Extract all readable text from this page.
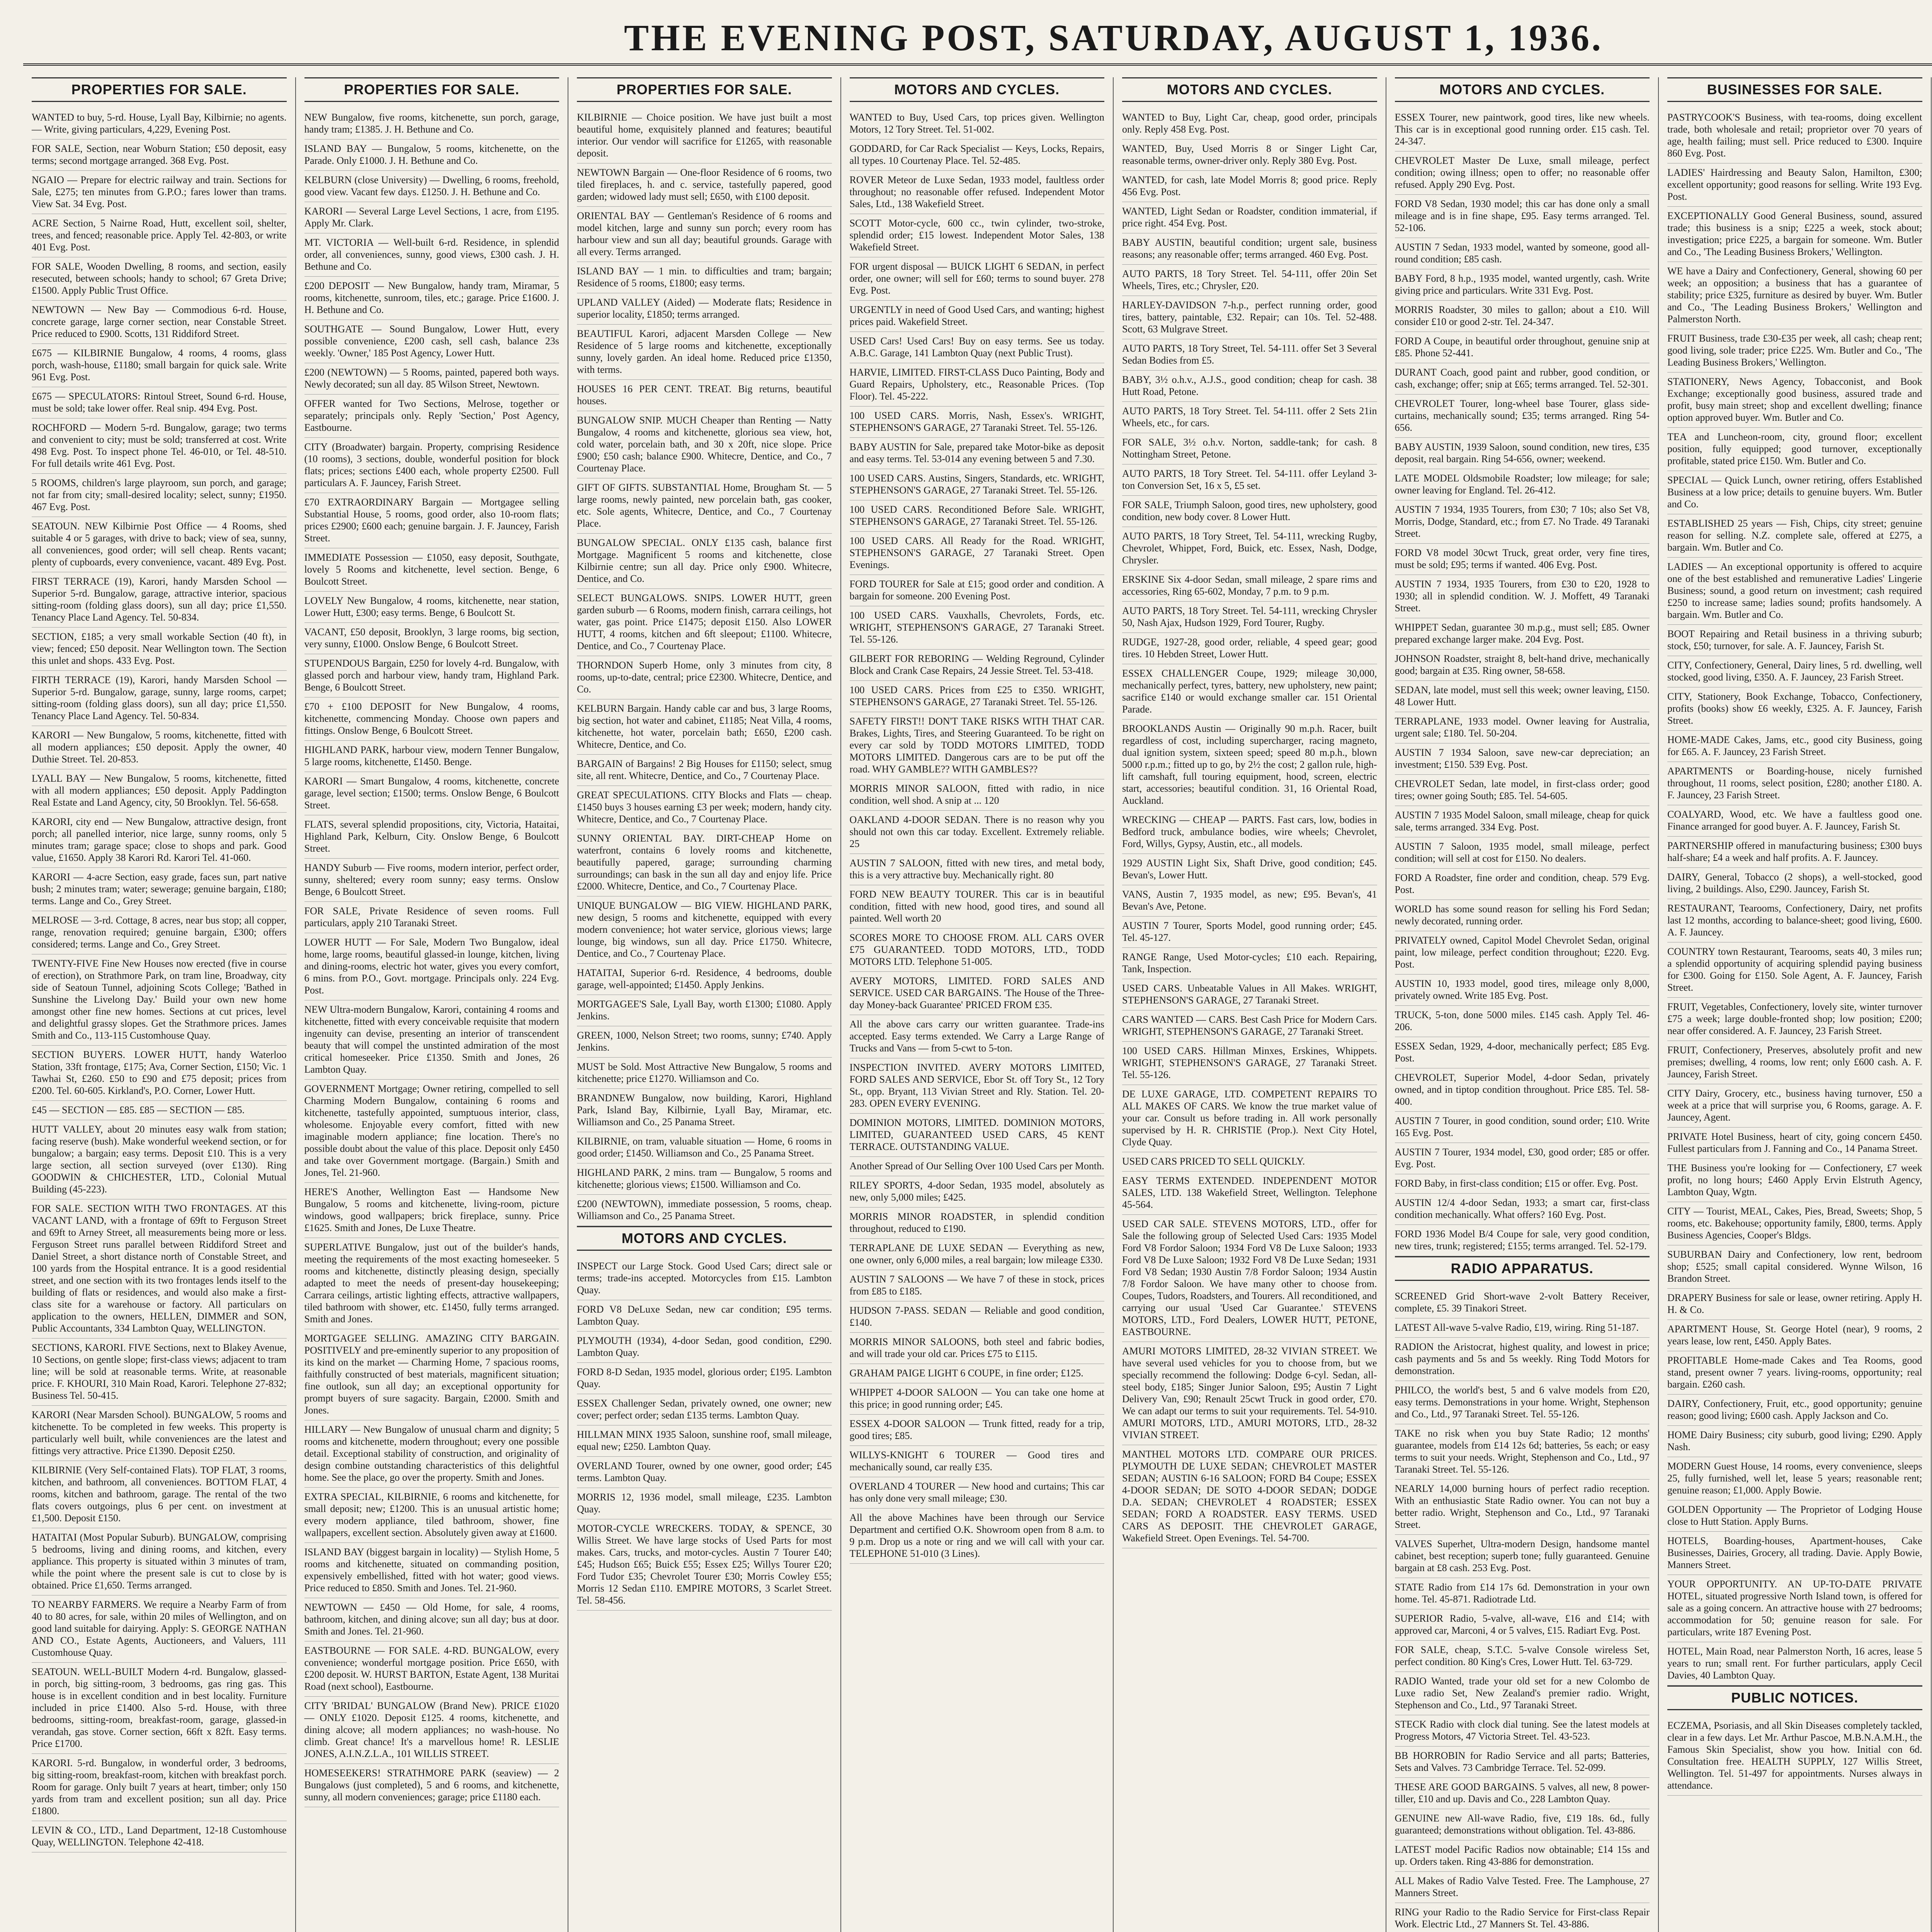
THE EVENING POST, SATURDAY, AUGUST 1, 1936.
PROPERTIES FOR SALE.
WANTED to buy, 5-rd. House, Lyall Bay, Kilbirnie; no agents. — Write, giving particulars, 4,229, Evening Post.
FOR SALE, Section, near Woburn Station; £50 deposit, easy terms; second mortgage arranged. 368 Evg. Post.
NGAIO — Prepare for electric railway and train. Sections for Sale, £275; ten minutes from G.P.O.; fares lower than trams. View Sat. 34 Evg. Post.
ACRE Section, 5 Nairne Road, Hutt, excellent soil, shelter, trees, and fenced; reasonable price. Apply Tel. 42-803, or write 401 Evg. Post.
FOR SALE, Wooden Dwelling, 8 rooms, and section, easily resecuted, between schools; handy to school; 67 Greta Drive; £1500. Apply Public Trust Office.
NEWTOWN — New Bay — Commodious 6-rd. House, concrete garage, large corner section, near Constable Street. Price reduced to £900. Scotts, 131 Riddiford Street.
£675 — KILBIRNIE Bungalow, 4 rooms, 4 rooms, glass porch, wash-house, £1180; small bargain for quick sale. Write 961 Evg. Post.
£675 — SPECULATORS: Rintoul Street, Sound 6-rd. House, must be sold; take lower offer. Real snip. 494 Evg. Post.
ROCHFORD — Modern 5-rd. Bungalow, garage; two terms and convenient to city; must be sold; transferred at cost. Write 498 Evg. Post. To inspect phone Tel. 46-010, or Tel. 48-510. For full details write 461 Evg. Post.
5 ROOMS, children's large playroom, sun porch, and garage; not far from city; small-desired locality; select, sunny; £1950. 467 Evg. Post.
SEATOUN. NEW Kilbirnie Post Office — 4 Rooms, shed suitable 4 or 5 garages, with drive to back; view of sea, sunny, all conveniences, good order; will sell cheap. Rents vacant; plenty of cupboards, every convenience, vacant. 489 Evg. Post.
FIRST TERRACE (19), Karori, handy Marsden School — Superior 5-rd. Bungalow, garage, attractive interior, spacious sitting-room (folding glass doors), sun all day; price £1,550. Tenancy Place Land Agency. Tel. 50-834.
SECTION, £185; a very small workable Section (40 ft), in view; fenced; £50 deposit. Near Wellington town. The Section this unlet and shops. 433 Evg. Post.
FIRTH TERRACE (19), Karori, handy Marsden School — Superior 5-rd. Bungalow, garage, sunny, large rooms, carpet; sitting-room (folding glass doors), sun all day; price £1,550. Tenancy Place Land Agency. Tel. 50-834.
KARORI — New Bungalow, 5 rooms, kitchenette, fitted with all modern appliances; £50 deposit. Apply the owner, 40 Duthie Street. Tel. 20-853.
LYALL BAY — New Bungalow, 5 rooms, kitchenette, fitted with all modern appliances; £50 deposit. Apply Paddington Real Estate and Land Agency, city, 50 Brooklyn. Tel. 56-658.
KARORI, city end — New Bungalow, attractive design, front porch; all panelled interior, nice large, sunny rooms, only 5 minutes tram; garage space; close to shops and park. Good value, £1650. Apply 38 Karori Rd. Karori Tel. 41-060.
KARORI — 4-acre Section, easy grade, faces sun, part native bush; 2 minutes tram; water; sewerage; genuine bargain, £180; terms. Lange and Co., Grey Street.
MELROSE — 3-rd. Cottage, 8 acres, near bus stop; all copper, range, renovation required; genuine bargain, £300; offers considered; terms. Lange and Co., Grey Street.
TWENTY-FIVE Fine New Houses now erected (five in course of erection), on Strathmore Park, on tram line, Broadway, city side of Seatoun Tunnel, adjoining Scots College; 'Bathed in Sunshine the Livelong Day.' Build your own new home amongst other fine new homes. Sections at cut prices, level and delightful grassy slopes. Get the Strathmore prices. James Smith and Co., 113-115 Customhouse Quay.
SECTION BUYERS. LOWER HUTT, handy Waterloo Station, 33ft frontage, £175; Ava, Corner Section, £150; Vic. 1 Tawhai St, £260. £50 to £90 and £75 deposit; prices from £200. Tel. 60-605. Kirkland's, P.O. Corner, Lower Hutt.
£45 — SECTION — £85. £85 — SECTION — £85.
HUTT VALLEY, about 20 minutes easy walk from station; facing reserve (bush). Make wonderful weekend section, or for bungalow; a bargain; easy terms. Deposit £10. This is a very large section, all section surveyed (over £130). Ring GOODWIN & CHICHESTER, LTD., Colonial Mutual Building (45-223).
FOR SALE. SECTION WITH TWO FRONTAGES. AT this VACANT LAND, with a frontage of 69ft to Ferguson Street and 69ft to Arney Street, all measurements being more or less. Ferguson Street runs parallel between Riddiford Street and Daniel Street, a short distance north of Constable Street, and 100 yards from the Hospital entrance. It is a good residential street, and one section with its two frontages lends itself to the building of flats or residences, and would also make a first-class site for a warehouse or factory. All particulars on application to the owners, HELLEN, DIMMER and SON, Public Accountants, 334 Lambton Quay, WELLINGTON.
SECTIONS, KARORI. FIVE Sections, next to Blakey Avenue, 10 Sections, on gentle slope; first-class views; adjacent to tram line; will be sold at reasonable terms. Write, at reasonable price. F. KHOURI, 310 Main Road, Karori. Telephone 27-832; Business Tel. 50-415.
KARORI (Near Marsden School). BUNGALOW, 5 rooms and kitchenette. To be completed in few weeks. This property is particularly well built, while conveniences are the latest and fittings very attractive. Price £1390. Deposit £250.
KILBIRNIE (Very Self-contained Flats). TOP FLAT, 3 rooms, kitchen, and bathroom, all conveniences. BOTTOM FLAT, 4 rooms, kitchen and bathroom, garage. The rental of the two flats covers outgoings, plus 6 per cent. on investment at £1,500. Deposit £150.
HATAITAI (Most Popular Suburb). BUNGALOW, comprising 5 bedrooms, living and dining rooms, and kitchen, every appliance. This property is situated within 3 minutes of tram, while the point where the present sale is cut to close by is obtained. Price £1,650. Terms arranged.
TO NEARBY FARMERS. We require a Nearby Farm of from 40 to 80 acres, for sale, within 20 miles of Wellington, and on good land suitable for dairying. Apply: S. GEORGE NATHAN AND CO., Estate Agents, Auctioneers, and Valuers, 111 Customhouse Quay.
SEATOUN. WELL-BUILT Modern 4-rd. Bungalow, glassed-in porch, big sitting-room, 3 bedrooms, gas ring gas. This house is in excellent condition and in best locality. Furniture included in price £1400. Also 5-rd. House, with three bedrooms, sitting-room, breakfast-room, garage, glassed-in verandah, gas stove. Corner section, 66ft x 82ft. Easy terms. Price £1700.
KARORI. 5-rd. Bungalow, in wonderful order, 3 bedrooms, big sitting-room, breakfast-room, kitchen with breakfast porch. Room for garage. Only built 7 years at heart, timber; only 150 yards from tram and excellent position; sun all day. Price £1800.
LEVIN & CO., LTD., Land Department, 12-18 Customhouse Quay, WELLINGTON. Telephone 42-418.
PROPERTIES FOR SALE.
NEW Bungalow, five rooms, kitchenette, sun porch, garage, handy tram; £1385. J. H. Bethune and Co.
ISLAND BAY — Bungalow, 5 rooms, kitchenette, on the Parade. Only £1000. J. H. Bethune and Co.
KELBURN (close University) — Dwelling, 6 rooms, freehold, good view. Vacant few days. £1250. J. H. Bethune and Co.
KARORI — Several Large Level Sections, 1 acre, from £195. Apply Mr. Clark.
MT. VICTORIA — Well-built 6-rd. Residence, in splendid order, all conveniences, sunny, good views, £300 cash. J. H. Bethune and Co.
£200 DEPOSIT — New Bungalow, handy tram, Miramar, 5 rooms, kitchenette, sunroom, tiles, etc.; garage. Price £1600. J. H. Bethune and Co.
SOUTHGATE — Sound Bungalow, Lower Hutt, every possible convenience, £200 cash, sell cash, balance 23s weekly. 'Owner,' 185 Post Agency, Lower Hutt.
£200 (NEWTOWN) — 5 Rooms, painted, papered both ways. Newly decorated; sun all day. 85 Wilson Street, Newtown.
OFFER wanted for Two Sections, Melrose, together or separately; principals only. Reply 'Section,' Post Agency, Eastbourne.
CITY (Broadwater) bargain. Property, comprising Residence (10 rooms), 3 sections, double, wonderful position for block flats; prices; sections £400 each, whole property £2500. Full particulars A. F. Jauncey, Farish Street.
£70 EXTRAORDINARY Bargain — Mortgagee selling Substantial House, 5 rooms, good order, also 10-room flats; prices £2900; £600 each; genuine bargain. J. F. Jauncey, Farish Street.
IMMEDIATE Possession — £1050, easy deposit, Southgate, lovely 5 Rooms and kitchenette, level section. Benge, 6 Boulcott Street.
LOVELY New Bungalow, 4 rooms, kitchenette, near station, Lower Hutt, £300; easy terms. Benge, 6 Boulcott St.
VACANT, £50 deposit, Brooklyn, 3 large rooms, big section, very sunny, £1000. Onslow Benge, 6 Boulcott Street.
STUPENDOUS Bargain, £250 for lovely 4-rd. Bungalow, with glassed porch and harbour view, handy tram, Highland Park. Benge, 6 Boulcott Street.
£70 + £100 DEPOSIT for New Bungalow, 4 rooms, kitchenette, commencing Monday. Choose own papers and fittings. Onslow Benge, 6 Boulcott Street.
HIGHLAND PARK, harbour view, modern Tenner Bungalow, 5 large rooms, kitchenette, £1450. Benge.
KARORI — Smart Bungalow, 4 rooms, kitchenette, concrete garage, level section; £1500; terms. Onslow Benge, 6 Boulcott Street.
FLATS, several splendid propositions, city, Victoria, Hataitai, Highland Park, Kelburn, City. Onslow Benge, 6 Boulcott Street.
HANDY Suburb — Five rooms, modern interior, perfect order, sunny, sheltered; every room sunny; easy terms. Onslow Benge, 6 Boulcott Street.
FOR SALE, Private Residence of seven rooms. Full particulars, apply 210 Taranaki Street.
LOWER HUTT — For Sale, Modern Two Bungalow, ideal home, large rooms, beautiful glassed-in lounge, kitchen, living and dining-rooms, electric hot water, gives you every comfort, 6 mins. from P.O., Govt. mortgage. Principals only. 224 Evg. Post.
NEW Ultra-modern Bungalow, Karori, containing 4 rooms and kitchenette, fitted with every conceivable requisite that modern ingenuity can devise, presenting an interior of transcendent beauty that will compel the unstinted admiration of the most critical homeseeker. Price £1350. Smith and Jones, 26 Lambton Quay.
GOVERNMENT Mortgage; Owner retiring, compelled to sell Charming Modern Bungalow, containing 6 rooms and kitchenette, tastefully appointed, sumptuous interior, class, wholesome. Enjoyable every comfort, fitted with new imaginable modern appliance; fine location. There's no possible doubt about the value of this place. Deposit only £450 and take over Government mortgage. (Bargain.) Smith and Jones, Tel. 21-960.
HERE'S Another, Wellington East — Handsome New Bungalow, 5 rooms and kitchenette, living-room, picture windows, good wallpapers; brick fireplace, sunny. Price £1625. Smith and Jones, De Luxe Theatre.
SUPERLATIVE Bungalow, just out of the builder's hands, meeting the requirements of the most exacting homeseeker. 5 rooms and kitchenette, distinctly pleasing design, specially adapted to meet the needs of present-day housekeeping; Carrara ceilings, artistic lighting effects, attractive wallpapers, tiled bathroom with shower, etc. £1450, fully terms arranged. Smith and Jones.
MORTGAGEE SELLING. AMAZING CITY BARGAIN. POSITIVELY and pre-eminently superior to any proposition of its kind on the market — Charming Home, 7 spacious rooms, faithfully constructed of best materials, magnificent situation; fine outlook, sun all day; an exceptional opportunity for prompt buyers of sure sagacity. Bargain, £2000. Smith and Jones.
HILLARY — New Bungalow of unusual charm and dignity; 5 rooms and kitchenette, modern throughout; every one possible detail. Exceptional stability of construction, and originality of design combine outstanding characteristics of this delightful home. See the place, go over the property. Smith and Jones.
EXTRA SPECIAL, KILBIRNIE, 6 rooms and kitchenette, for small deposit; new; £1200. This is an unusual artistic home; every modern appliance, tiled bathroom, shower, fine wallpapers, excellent section. Absolutely given away at £1600.
ISLAND BAY (biggest bargain in locality) — Stylish Home, 5 rooms and kitchenette, situated on commanding position, expensively embellished, fitted with hot water; good views. Price reduced to £850. Smith and Jones. Tel. 21-960.
NEWTOWN — £450 — Old Home, for sale, 4 rooms, bathroom, kitchen, and dining alcove; sun all day; bus at door. Smith and Jones. Tel. 21-960.
EASTBOURNE — FOR SALE. 4-RD. BUNGALOW, every convenience; wonderful mortgage position. Price £650, with £200 deposit. W. HURST BARTON, Estate Agent, 138 Muritai Road (next school), Eastbourne.
CITY 'BRIDAL' BUNGALOW (Brand New). PRICE £1020 — ONLY £1020. Deposit £125. 4 rooms, kitchenette, and dining alcove; all modern appliances; no wash-house. No climb. Great chance! It's a marvellous home! R. LESLIE JONES, A.I.N.Z.L.A., 101 WILLIS STREET.
HOMESEEKERS! STRATHMORE PARK (seaview) — 2 Bungalows (just completed), 5 and 6 rooms, and kitchenette, sunny, all modern conveniences; garage; price £1180 each.
PROPERTIES FOR SALE.
KILBIRNIE — Choice position. We have just built a most beautiful home, exquisitely planned and features; beautiful interior. Our vendor will sacrifice for £1265, with reasonable deposit.
NEWTOWN Bargain — One-floor Residence of 6 rooms, two tiled fireplaces, h. and c. service, tastefully papered, good garden; widowed lady must sell; £650, with £100 deposit.
ORIENTAL BAY — Gentleman's Residence of 6 rooms and model kitchen, large and sunny sun porch; every room has harbour view and sun all day; beautiful grounds. Garage with all every. Terms arranged.
ISLAND BAY — 1 min. to difficulties and tram; bargain; Residence of 5 rooms, £1800; easy terms.
UPLAND VALLEY (Aided) — Moderate flats; Residence in superior locality, £1850; terms arranged.
BEAUTIFUL Karori, adjacent Marsden College — New Residence of 5 large rooms and kitchenette, exceptionally sunny, lovely garden. An ideal home. Reduced price £1350, with terms.
HOUSES 16 PER CENT. TREAT. Big returns, beautiful houses.
BUNGALOW SNIP. MUCH Cheaper than Renting — Natty Bungalow, 4 rooms and kitchenette, glorious sea view, hot, cold water, porcelain bath, and 30 x 20ft, nice slope. Price £900; £50 cash; balance £900. Whitecre, Dentice, and Co., 7 Courtenay Place.
GIFT OF GIFTS. SUBSTANTIAL Home, Brougham St. — 5 large rooms, newly painted, new porcelain bath, gas cooker, etc. Sole agents, Whitecre, Dentice, and Co., 7 Courtenay Place.
BUNGALOW SPECIAL. ONLY £135 cash, balance first Mortgage. Magnificent 5 rooms and kitchenette, close Kilbirnie centre; sun all day. Price only £900. Whitecre, Dentice, and Co.
SELECT BUNGALOWS. SNIPS. LOWER HUTT, green garden suburb — 6 Rooms, modern finish, carrara ceilings, hot water, gas point. Price £1475; deposit £150. Also LOWER HUTT, 4 rooms, kitchen and 6ft sleepout; £1100. Whitecre, Dentice, and Co., 7 Courtenay Place.
THORNDON Superb Home, only 3 minutes from city, 8 rooms, up-to-date, central; price £2300. Whitecre, Dentice, and Co.
KELBURN Bargain. Handy cable car and bus, 3 large Rooms, big section, hot water and cabinet, £1185; Neat Villa, 4 rooms, kitchenette, hot water, porcelain bath; £650, £200 cash. Whitecre, Dentice, and Co.
BARGAIN of Bargains! 2 Big Houses for £1150; select, smug site, all rent. Whitecre, Dentice, and Co., 7 Courtenay Place.
GREAT SPECULATIONS. CITY Blocks and Flats — cheap. £1450 buys 3 houses earning £3 per week; modern, handy city. Whitecre, Dentice, and Co., 7 Courtenay Place.
SUNNY ORIENTAL BAY. DIRT-CHEAP Home on waterfront, contains 6 lovely rooms and kitchenette, beautifully papered, garage; surrounding charming surroundings; can bask in the sun all day and enjoy life. Price £2000. Whitecre, Dentice, and Co., 7 Courtenay Place.
UNIQUE BUNGALOW — BIG VIEW. HIGHLAND PARK, new design, 5 rooms and kitchenette, equipped with every modern convenience; hot water service, glorious views; large lounge, big windows, sun all day. Price £1750. Whitecre, Dentice, and Co., 7 Courtenay Place.
HATAITAI, Superior 6-rd. Residence, 4 bedrooms, double garage, well-appointed; £1450. Apply Jenkins.
MORTGAGEE'S Sale, Lyall Bay, worth £1300; £1080. Apply Jenkins.
GREEN, 1000, Nelson Street; two rooms, sunny; £740. Apply Jenkins.
MUST be Sold. Most Attractive New Bungalow, 5 rooms and kitchenette; price £1270. Williamson and Co.
BRANDNEW Bungalow, now building, Karori, Highland Park, Island Bay, Kilbirnie, Lyall Bay, Miramar, etc. Williamson and Co., 25 Panama Street.
KILBIRNIE, on tram, valuable situation — Home, 6 rooms in good order; £1450. Williamson and Co., 25 Panama Street.
HIGHLAND PARK, 2 mins. tram — Bungalow, 5 rooms and kitchenette; glorious views; £1500. Williamson and Co.
£200 (NEWTOWN), immediate possession, 5 rooms, cheap. Williamson and Co., 25 Panama Street.
MOTORS AND CYCLES.
INSPECT our Large Stock. Good Used Cars; direct sale or terms; trade-ins accepted. Motorcycles from £15. Lambton Quay.
FORD V8 DeLuxe Sedan, new car condition; £95 terms. Lambton Quay.
PLYMOUTH (1934), 4-door Sedan, good condition, £290. Lambton Quay.
FORD 8-D Sedan, 1935 model, glorious order; £195. Lambton Quay.
ESSEX Challenger Sedan, privately owned, one owner; new cover; perfect order; sedan £135 terms. Lambton Quay.
HILLMAN MINX 1935 Saloon, sunshine roof, small mileage, equal new; £250. Lambton Quay.
OVERLAND Tourer, owned by one owner, good order; £45 terms. Lambton Quay.
MORRIS 12, 1936 model, small mileage, £235. Lambton Quay.
MOTOR-CYCLE WRECKERS. TODAY, & SPENCE, 30 Willis Street. We have large stocks of Used Parts for most makes. Cars, trucks, and motor-cycles. Austin 7 Tourer £40; £45; Hudson £65; Buick £55; Essex £25; Willys Tourer £20; Ford Tudor £35; Chevrolet Tourer £30; Morris Cowley £55; Morris 12 Sedan £110. EMPIRE MOTORS, 3 Scarlet Street. Tel. 58-456.
MOTORS AND CYCLES.
WANTED to Buy, Used Cars, top prices given. Wellington Motors, 12 Tory Street. Tel. 51-002.
GODDARD, for Car Rack Specialist — Keys, Locks, Repairs, all types. 10 Courtenay Place. Tel. 52-485.
ROVER Meteor de Luxe Sedan, 1933 model, faultless order throughout; no reasonable offer refused. Independent Motor Sales, Ltd., 138 Wakefield Street.
SCOTT Motor-cycle, 600 cc., twin cylinder, two-stroke, splendid order; £15 lowest. Independent Motor Sales, 138 Wakefield Street.
FOR urgent disposal — BUICK LIGHT 6 SEDAN, in perfect order, one owner; will sell for £60; terms to sound buyer. 278 Evg. Post.
URGENTLY in need of Good Used Cars, and wanting; highest prices paid. Wakefield Street.
USED Cars! Used Cars! Buy on easy terms. See us today. A.B.C. Garage, 141 Lambton Quay (next Public Trust).
HARVIE, LIMITED. FIRST-CLASS Duco Painting, Body and Guard Repairs, Upholstery, etc., Reasonable Prices. (Top Floor). Tel. 45-222.
100 USED CARS. Morris, Nash, Essex's. WRIGHT, STEPHENSON'S GARAGE, 27 Taranaki Street. Tel. 55-126.
BABY AUSTIN for Sale, prepared take Motor-bike as deposit and easy terms. Tel. 53-014 any evening between 5 and 7.30.
100 USED CARS. Austins, Singers, Standards, etc. WRIGHT, STEPHENSON'S GARAGE, 27 Taranaki Street. Tel. 55-126.
100 USED CARS. Reconditioned Before Sale. WRIGHT, STEPHENSON'S GARAGE, 27 Taranaki Street. Tel. 55-126.
100 USED CARS. All Ready for the Road. WRIGHT, STEPHENSON'S GARAGE, 27 Taranaki Street. Open Evenings.
FORD TOURER for Sale at £15; good order and condition. A bargain for someone. 200 Evening Post.
100 USED CARS. Vauxhalls, Chevrolets, Fords, etc. WRIGHT, STEPHENSON'S GARAGE, 27 Taranaki Street. Tel. 55-126.
GILBERT FOR REBORING — Welding Reground, Cylinder Block and Crank Case Repairs, 24 Jessie Street. Tel. 53-418.
100 USED CARS. Prices from £25 to £350. WRIGHT, STEPHENSON'S GARAGE, 27 Taranaki Street. Tel. 55-126.
SAFETY FIRST!! DON'T TAKE RISKS WITH THAT CAR. Brakes, Lights, Tires, and Steering Guaranteed. To be right on every car sold by TODD MOTORS LIMITED, TODD MOTORS LIMITED. Dangerous cars are to be put off the road. WHY GAMBLE?? WITH GAMBLES??
MORRIS MINOR SALOON, fitted with radio, in nice condition, well shod. A snip at ... 120
OAKLAND 4-DOOR SEDAN. There is no reason why you should not own this car today. Excellent. Extremely reliable. 25
AUSTIN 7 SALOON, fitted with new tires, and metal body, this is a very attractive buy. Mechanically right. 80
FORD NEW BEAUTY TOURER. This car is in beautiful condition, fitted with new hood, good tires, and sound all painted. Well worth 20
SCORES MORE TO CHOOSE FROM. ALL CARS OVER £75 GUARANTEED. TODD MOTORS, LTD., TODD MOTORS LTD. Telephone 51-005.
AVERY MOTORS, LIMITED. FORD SALES AND SERVICE. USED CAR BARGAINS. 'The House of the Three-day Money-back Guarantee' PRICED FROM £35.
All the above cars carry our written guarantee. Trade-ins accepted. Easy terms extended. We Carry a Large Range of Trucks and Vans — from 5-cwt to 5-ton.
INSPECTION INVITED. AVERY MOTORS LIMITED, FORD SALES AND SERVICE, Ebor St. off Tory St., 12 Tory St., opp. Bryant, 113 Vivian Street and Rly. Station. Tel. 20-283. OPEN EVERY EVENING.
DOMINION MOTORS, LIMITED. DOMINION MOTORS, LIMITED, GUARANTEED USED CARS, 45 KENT TERRACE. OUTSTANDING VALUE.
Another Spread of Our Selling Over 100 Used Cars per Month.
RILEY SPORTS, 4-door Sedan, 1935 model, absolutely as new, only 5,000 miles; £425.
MORRIS MINOR ROADSTER, in splendid condition throughout, reduced to £190.
TERRAPLANE DE LUXE SEDAN — Everything as new, one owner, only 6,000 miles, a real bargain; low mileage £330.
AUSTIN 7 SALOONS — We have 7 of these in stock, prices from £85 to £185.
HUDSON 7-PASS. SEDAN — Reliable and good condition, £140.
MORRIS MINOR SALOONS, both steel and fabric bodies, and will trade your old car. Prices £75 to £115.
GRAHAM PAIGE LIGHT 6 COUPE, in fine order; £125.
WHIPPET 4-DOOR SALOON — You can take one home at this price; in good running order; £45.
ESSEX 4-DOOR SALOON — Trunk fitted, ready for a trip, good tires; £85.
WILLYS-KNIGHT 6 TOURER — Good tires and mechanically sound, car really £35.
OVERLAND 4 TOURER — New hood and curtains; This car has only done very small mileage; £30.
All the above Machines have been through our Service Department and certified O.K. Showroom open from 8 a.m. to 9 p.m. Drop us a note or ring and we will call with your car. TELEPHONE 51-010 (3 Lines).
MOTORS AND CYCLES.
WANTED to Buy, Light Car, cheap, good order, principals only. Reply 458 Evg. Post.
WANTED, Buy, Used Morris 8 or Singer Light Car, reasonable terms, owner-driver only. Reply 380 Evg. Post.
WANTED, for cash, late Model Morris 8; good price. Reply 456 Evg. Post.
WANTED, Light Sedan or Roadster, condition immaterial, if price right. 454 Evg. Post.
BABY AUSTIN, beautiful condition; urgent sale, business reasons; any reasonable offer; terms arranged. 460 Evg. Post.
AUTO PARTS, 18 Tory Street. Tel. 54-111, offer 20in Set Wheels, Tires, etc.; Chrysler, £20.
HARLEY-DAVIDSON 7-h.p., perfect running order, good tires, battery, paintable, £32. Repair; can 10s. Tel. 52-488. Scott, 63 Mulgrave Street.
AUTO PARTS, 18 Tory Street, Tel. 54-111. offer Set 3 Several Sedan Bodies from £5.
BABY, 3½ o.h.v., A.J.S., good condition; cheap for cash. 38 Hutt Road, Petone.
AUTO PARTS, 18 Tory Street. Tel. 54-111. offer 2 Sets 21in Wheels, etc., for cars.
FOR SALE, 3½ o.h.v. Norton, saddle-tank; for cash. 8 Nottingham Street, Petone.
AUTO PARTS, 18 Tory Street. Tel. 54-111. offer Leyland 3-ton Conversion Set, 16 x 5, £5 set.
FOR SALE, Triumph Saloon, good tires, new upholstery, good condition, new body cover. 8 Lower Hutt.
AUTO PARTS, 18 Tory Street, Tel. 54-111, wrecking Rugby, Chevrolet, Whippet, Ford, Buick, etc. Essex, Nash, Dodge, Chrysler.
ERSKINE Six 4-door Sedan, small mileage, 2 spare rims and accessories, Ring 65-602, Monday, 7 p.m. to 9 p.m.
AUTO PARTS, 18 Tory Street. Tel. 54-111, wrecking Chrysler 50, Nash Ajax, Hudson 1929, Ford Tourer, Rugby.
RUDGE, 1927-28, good order, reliable, 4 speed gear; good tires. 10 Hebden Street, Lower Hutt.
ESSEX CHALLENGER Coupe, 1929; mileage 30,000, mechanically perfect, tyres, battery, new upholstery, new paint; sacrifice £140 or would exchange smaller car. 151 Oriental Parade.
BROOKLANDS Austin — Originally 90 m.p.h. Racer, built regardless of cost, including supercharger, racing magneto, dual ignition system, sixteen speed; speed 80 m.p.h., blown 5000 r.p.m.; fitted up to go, by 2½ the cost; 2 gallon rule, high-lift camshaft, full touring equipment, hood, screen, electric start, accessories; beautiful condition. 31, 16 Oriental Road, Auckland.
WRECKING — CHEAP — PARTS. Fast cars, low, bodies in Bedford truck, ambulance bodies, wire wheels; Chevrolet, Ford, Willys, Gypsy, Austin, etc., all models.
1929 AUSTIN Light Six, Shaft Drive, good condition; £45. Bevan's, Lower Hutt.
VANS, Austin 7, 1935 model, as new; £95. Bevan's, 41 Bevan's Ave, Petone.
AUSTIN 7 Tourer, Sports Model, good running order; £45. Tel. 45-127.
RANGE Range, Used Motor-cycles; £10 each. Repairing, Tank, Inspection.
USED CARS. Unbeatable Values in All Makes. WRIGHT, STEPHENSON'S GARAGE, 27 Taranaki Street.
CARS WANTED — CARS. Best Cash Price for Modern Cars. WRIGHT, STEPHENSON'S GARAGE, 27 Taranaki Street.
100 USED CARS. Hillman Minxes, Erskines, Whippets. WRIGHT, STEPHENSON'S GARAGE, 27 Taranaki Street. Tel. 55-126.
DE LUXE GARAGE, LTD. COMPETENT REPAIRS TO ALL MAKES OF CARS. We know the true market value of your car. Consult us before trading in. All work personally supervised by H. R. CHRISTIE (Prop.). Next City Hotel, Clyde Quay.
USED CARS PRICED TO SELL QUICKLY.
EASY TERMS EXTENDED. INDEPENDENT MOTOR SALES, LTD. 138 Wakefield Street, Wellington. Telephone 45-564.
USED CAR SALE. STEVENS MOTORS, LTD., offer for Sale the following group of Selected Used Cars: 1935 Model Ford V8 Fordor Saloon; 1934 Ford V8 De Luxe Saloon; 1933 Ford V8 De Luxe Saloon; 1932 Ford V8 De Luxe Sedan; 1931 Ford V8 Sedan; 1930 Austin 7/8 Fordor Saloon; 1934 Austin 7/8 Fordor Saloon. We have many other to choose from. Coupes, Tudors, Roadsters, and Tourers. All reconditioned, and carrying our usual 'Used Car Guarantee.' STEVENS MOTORS, LTD., Ford Dealers, LOWER HUTT, PETONE, EASTBOURNE.
AMURI MOTORS LIMITED, 28-32 VIVIAN STREET. We have several used vehicles for you to choose from, but we specially recommend the following: Dodge 6-cyl. Sedan, all-steel body, £185; Singer Junior Saloon, £95; Austin 7 Light Delivery Van, £90; Renault 25cwt Truck in good order, £70. We can adapt our terms to suit your requirements. Tel. 54-910. AMURI MOTORS, LTD., AMURI MOTORS, LTD., 28-32 VIVIAN STREET.
MANTHEL MOTORS LTD. COMPARE OUR PRICES. PLYMOUTH DE LUXE SEDAN; CHEVROLET MASTER SEDAN; AUSTIN 6-16 SALOON; FORD B4 Coupe; ESSEX 4-DOOR SEDAN; DE SOTO 4-DOOR SEDAN; DODGE D.A. SEDAN; CHEVROLET 4 ROADSTER; ESSEX SEDAN; FORD A ROADSTER. EASY TERMS. USED CARS AS DEPOSIT. THE CHEVROLET GARAGE, Wakefield Street. Open Evenings. Tel. 54-700.
MOTORS AND CYCLES.
ESSEX Tourer, new paintwork, good tires, like new wheels. This car is in exceptional good running order. £15 cash. Tel. 24-347.
CHEVROLET Master De Luxe, small mileage, perfect condition; owing illness; open to offer; no reasonable offer refused. Apply 290 Evg. Post.
FORD V8 Sedan, 1930 model; this car has done only a small mileage and is in fine shape, £95. Easy terms arranged. Tel. 52-106.
AUSTIN 7 Sedan, 1933 model, wanted by someone, good all-round condition; £85 cash.
BABY Ford, 8 h.p., 1935 model, wanted urgently, cash. Write giving price and particulars. Write 331 Evg. Post.
MORRIS Roadster, 30 miles to gallon; about a £10. Will consider £10 or good 2-str. Tel. 24-347.
FORD A Coupe, in beautiful order throughout, genuine snip at £85. Phone 52-441.
DURANT Coach, good paint and rubber, good condition, or cash, exchange; offer; snip at £65; terms arranged. Tel. 52-301.
CHEVROLET Tourer, long-wheel base Tourer, glass side-curtains, mechanically sound; £35; terms arranged. Ring 54-656.
BABY AUSTIN, 1939 Saloon, sound condition, new tires, £35 deposit, real bargain. Ring 54-656, owner; weekend.
LATE MODEL Oldsmobile Roadster; low mileage; for sale; owner leaving for England. Tel. 26-412.
AUSTIN 7 1934, 1935 Tourers, from £30; 7 10s; also Set V8, Morris, Dodge, Standard, etc.; from £7. No Trade. 49 Taranaki Street.
FORD V8 model 30cwt Truck, great order, very fine tires, must be sold; £95; terms if wanted. 406 Evg. Post.
AUSTIN 7 1934, 1935 Tourers, from £30 to £20, 1928 to 1930; all in splendid condition. W. J. Moffett, 49 Taranaki Street.
WHIPPET Sedan, guarantee 30 m.p.g., must sell; £85. Owner prepared exchange larger make. 204 Evg. Post.
JOHNSON Roadster, straight 8, belt-hand drive, mechanically good; bargain at £35. Ring owner, 58-658.
SEDAN, late model, must sell this week; owner leaving, £150. 48 Lower Hutt.
TERRAPLANE, 1933 model. Owner leaving for Australia, urgent sale; £180. Tel. 50-204.
AUSTIN 7 1934 Saloon, save new-car depreciation; an investment; £150. 539 Evg. Post.
CHEVROLET Sedan, late model, in first-class order; good tires; owner going South; £85. Tel. 54-605.
AUSTIN 7 1935 Model Saloon, small mileage, cheap for quick sale, terms arranged. 334 Evg. Post.
AUSTIN 7 Saloon, 1935 model, small mileage, perfect condition; will sell at cost for £150. No dealers.
FORD A Roadster, fine order and condition, cheap. 579 Evg. Post.
WORLD has some sound reason for selling his Ford Sedan; newly decorated, running order.
PRIVATELY owned, Capitol Model Chevrolet Sedan, original paint, low mileage, perfect condition throughout; £220. Evg. Post.
AUSTIN 10, 1933 model, good tires, mileage only 8,000, privately owned. Write 185 Evg. Post.
TRUCK, 5-ton, done 5000 miles. £145 cash. Apply Tel. 46-206.
ESSEX Sedan, 1929, 4-door, mechanically perfect; £85 Evg. Post.
CHEVROLET, Superior Model, 4-door Sedan, privately owned, and in tiptop condition throughout. Price £85. Tel. 58-400.
AUSTIN 7 Tourer, in good condition, sound order; £10. Write 165 Evg. Post.
AUSTIN 7 Tourer, 1934 model, £30, good order; £85 or offer. Evg. Post.
FORD Baby, in first-class condition; £15 or offer. Evg. Post.
AUSTIN 12/4 4-door Sedan, 1933; a smart car, first-class condition mechanically. What offers? 160 Evg. Post.
FORD 1936 Model B/4 Coupe for sale, very good condition, new tires, trunk; registered; £155; terms arranged. Tel. 52-179.
RADIO APPARATUS.
SCREENED Grid Short-wave 2-volt Battery Receiver, complete, £5. 39 Tinakori Street.
LATEST All-wave 5-valve Radio, £19, wiring. Ring 51-187.
RADION the Aristocrat, highest quality, and lowest in price; cash payments and 5s and 5s weekly. Ring Todd Motors for demonstration.
PHILCO, the world's best, 5 and 6 valve models from £20, easy terms. Demonstrations in your home. Wright, Stephenson and Co., Ltd., 97 Taranaki Street. Tel. 55-126.
TAKE no risk when you buy State Radio; 12 months' guarantee, models from £14 12s 6d; batteries, 5s each; or easy terms to suit your needs. Wright, Stephenson and Co., Ltd., 97 Taranaki Street. Tel. 55-126.
NEARLY 14,000 burning hours of perfect radio reception. With an enthusiastic State Radio owner. You can not buy a better radio. Wright, Stephenson and Co., Ltd., 97 Taranaki Street.
VALVES Superhet, Ultra-modern Design, handsome mantel cabinet, best reception; superb tone; fully guaranteed. Genuine bargain at £8 cash. 253 Evg. Post.
STATE Radio from £14 17s 6d. Demonstration in your own home. Tel. 45-871. Radiotrade Ltd.
SUPERIOR Radio, 5-valve, all-wave, £16 and £14; with approved car, Marconi, 4 or 5 valves, £15. Radiart Evg. Post.
FOR SALE, cheap, S.T.C. 5-valve Console wireless Set, perfect condition. 80 King's Cres, Lower Hutt. Tel. 63-729.
RADIO Wanted, trade your old set for a new Colombo de Luxe radio Set, New Zealand's premier radio. Wright, Stephenson and Co., Ltd., 97 Taranaki Street.
STECK Radio with clock dial tuning. See the latest models at Progress Motors, 47 Victoria Street. Tel. 43-523.
BB HORROBIN for Radio Service and all parts; Batteries, Sets and Valves. 73 Cambridge Terrace. Tel. 52-099.
THESE ARE GOOD BARGAINS. 5 valves, all new, 8 power-tiller, £10 and up. Davis and Co., 228 Lambton Quay.
GENUINE new All-wave Radio, five, £19 18s. 6d., fully guaranteed; demonstrations without obligation. Tel. 43-886.
LATEST model Pacific Radios now obtainable; £14 15s and up. Orders taken. Ring 43-886 for demonstration.
ALL Makes of Radio Valve Tested. Free. The Lamphouse, 27 Manners Street.
RING your Radio to the Radio Service for First-class Repair Work. Electric Ltd., 27 Manners St. Tel. 43-886.
BUSINESSES FOR SALE.
PASTRYCOOK'S Business, with tea-rooms, doing excellent trade, both wholesale and retail; proprietor over 70 years of age, health failing; must sell. Price reduced to £300. Inquire 860 Evg. Post.
LADIES' Hairdressing and Beauty Salon, Hamilton, £300; excellent opportunity; good reasons for selling. Write 193 Evg. Post.
EXCEPTIONALLY Good General Business, sound, assured trade; this business is a snip; £225 a week, stock about; investigation; price £225, a bargain for someone. Wm. Butler and Co., 'The Leading Business Brokers,' Wellington.
WE have a Dairy and Confectionery, General, showing 60 per week; an opposition; a business that has a guarantee of stability; price £325, furniture as desired by buyer. Wm. Butler and Co., 'The Leading Business Brokers,' Wellington and Palmerston North.
FRUIT Business, trade £30-£35 per week, all cash; cheap rent; good living, sole trader; price £225. Wm. Butler and Co., 'The Leading Business Brokers,' Wellington.
STATIONERY, News Agency, Tobacconist, and Book Exchange; exceptionally good business, assured trade and profit, busy main street; shop and excellent dwelling; finance option approved buyer. Wm. Butler and Co.
TEA and Luncheon-room, city, ground floor; excellent position, fully equipped; good turnover, exceptionally profitable, stated price £150. Wm. Butler and Co.
SPECIAL — Quick Lunch, owner retiring, offers Established Business at a low price; details to genuine buyers. Wm. Butler and Co.
ESTABLISHED 25 years — Fish, Chips, city street; genuine reason for selling. N.Z. complete sale, offered at £275, a bargain. Wm. Butler and Co.
LADIES — An exceptional opportunity is offered to acquire one of the best established and remunerative Ladies' Lingerie Business; sound, a good return on investment; cash required £250 to increase same; ladies sound; profits handsomely. A bargain. Wm. Butler and Co.
BOOT Repairing and Retail business in a thriving suburb; stock, £50; turnover, for sale. A. F. Jauncey, Farish St.
CITY, Confectionery, General, Dairy lines, 5 rd. dwelling, well stocked, good living, £350. A. F. Jauncey, 23 Farish Street.
CITY, Stationery, Book Exchange, Tobacco, Confectionery, profits (books) show £6 weekly, £325. A. F. Jauncey, Farish Street.
HOME-MADE Cakes, Jams, etc., good city Business, going for £65. A. F. Jauncey, 23 Farish Street.
APARTMENTS or Boarding-house, nicely furnished throughout, 11 rooms, select position, £280; another £180. A. F. Jauncey, 23 Farish Street.
COALYARD, Wood, etc. We have a faultless good one. Finance arranged for good buyer. A. F. Jauncey, Farish St.
PARTNERSHIP offered in manufacturing business; £300 buys half-share; £4 a week and half profits. A. F. Jauncey.
DAIRY, General, Tobacco (2 shops), a well-stocked, good living, 2 buildings. Also, £290. Jauncey, Farish St.
RESTAURANT, Tearooms, Confectionery, Dairy, net profits last 12 months, according to balance-sheet; good living, £600. A. F. Jauncey.
COUNTRY town Restaurant, Tearooms, seats 40, 3 miles run; a splendid opportunity of acquiring splendid paying business for £300. Going for £150. Sole Agent, A. F. Jauncey, Farish Street.
FRUIT, Vegetables, Confectionery, lovely site, winter turnover £75 a week; large double-fronted shop; low position; £200; near offer considered. A. F. Jauncey, 23 Farish Street.
FRUIT, Confectionery, Preserves, absolutely profit and new premises; dwelling, 4 rooms, low rent; only £600 cash. A. F. Jauncey, Farish Street.
CITY Dairy, Grocery, etc., business having turnover, £50 a week at a price that will surprise you, 6 Rooms, garage. A. F. Jauncey, Agent.
PRIVATE Hotel Business, heart of city, going concern £450. Fullest particulars from J. Fanning and Co., 14 Panama Street.
THE Business you're looking for — Confectionery, £7 week profit, no long hours; £460 Apply Ervin Elstruth Agency, Lambton Quay, Wgtn.
CITY — Tourist, MEAL, Cakes, Pies, Bread, Sweets; Shop, 5 rooms, etc. Bakehouse; opportunity family, £800, terms. Apply Business Agencies, Cooper's Bldgs.
SUBURBAN Dairy and Confectionery, low rent, bedroom shop; £525; small capital considered. Wynne Wilson, 16 Brandon Street.
DRAPERY Business for sale or lease, owner retiring. Apply H. H. & Co.
APARTMENT House, St. George Hotel (near), 9 rooms, 2 years lease, low rent, £450. Apply Bates.
PROFITABLE Home-made Cakes and Tea Rooms, good stand, present owner 7 years. living-rooms, opportunity; real bargain. £260 cash.
DAIRY, Confectionery, Fruit, etc., good opportunity; genuine reason; good living; £600 cash. Apply Jackson and Co.
HOME Dairy Business; city suburb, good living; £290. Apply Nash.
MODERN Guest House, 14 rooms, every convenience, sleeps 25, fully furnished, well let, lease 5 years; reasonable rent; genuine reason; £1,000. Apply Bowie.
GOLDEN Opportunity — The Proprietor of Lodging House close to Hutt Station. Apply Burns.
HOTELS, Boarding-houses, Apartment-houses, Cake Businesses, Dairies, Grocery, all trading. Davie. Apply Bowie, Manners Street.
YOUR OPPORTUNITY. AN UP-TO-DATE PRIVATE HOTEL, situated progressive North Island town, is offered for sale as a going concern. An attractive house with 27 bedrooms; accommodation for 50; genuine reason for sale. For particulars, write 187 Evening Post.
HOTEL, Main Road, near Palmerston North, 16 acres, lease 5 years to run; small rent. For further particulars, apply Cecil Davies, 40 Lambton Quay.
PUBLIC NOTICES.
ECZEMA, Psoriasis, and all Skin Diseases completely tackled, clear in a few days. Let Mr. Arthur Pascoe, M.B.N.A.M.H., the Famous Skin Specialist, show you how. Initial con 6d. Consultation free. HEALTH SUPPLY, 127 Willis Street, Wellington. Tel. 51-497 for appointments. Nurses always in attendance.
